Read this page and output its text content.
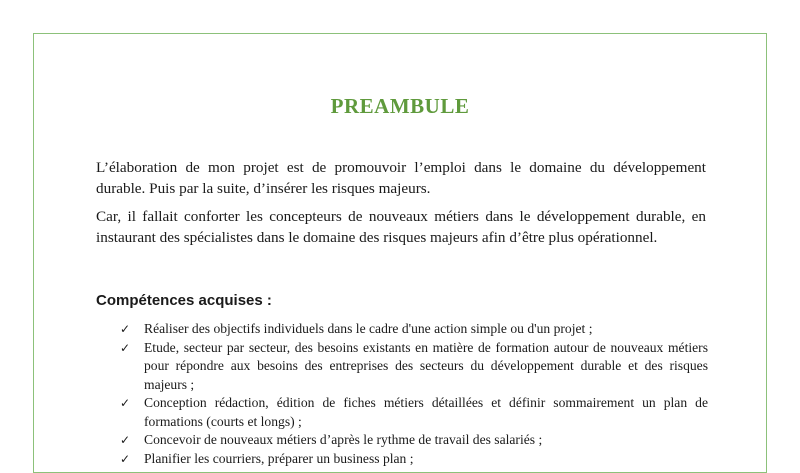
PREAMBULE

L’élaboration de mon projet est de promouvoir l’emploi dans le domaine du développement durable. Puis par la suite, d’insérer les risques majeurs.

Car, il fallait conforter les concepteurs de nouveaux métiers dans le développement durable, en instaurant des spécialistes dans le domaine des risques majeurs afin d’être plus opérationnel.

Compétences acquises :

✓ Réaliser des objectifs individuels dans le cadre d'une action simple ou d'un projet ;
✓ Etude, secteur par secteur, des besoins existants en matière de formation autour de nouveaux métiers pour répondre aux besoins des entreprises des secteurs du développement durable et des risques majeurs ;
✓ Conception rédaction, édition de fiches métiers détaillées et définir sommairement un plan de formations (courts et longs) ;
✓ Concevoir de nouveaux métiers d’après le rythme de travail des salariés ;
✓ Planifier les courriers, préparer un business plan ;
